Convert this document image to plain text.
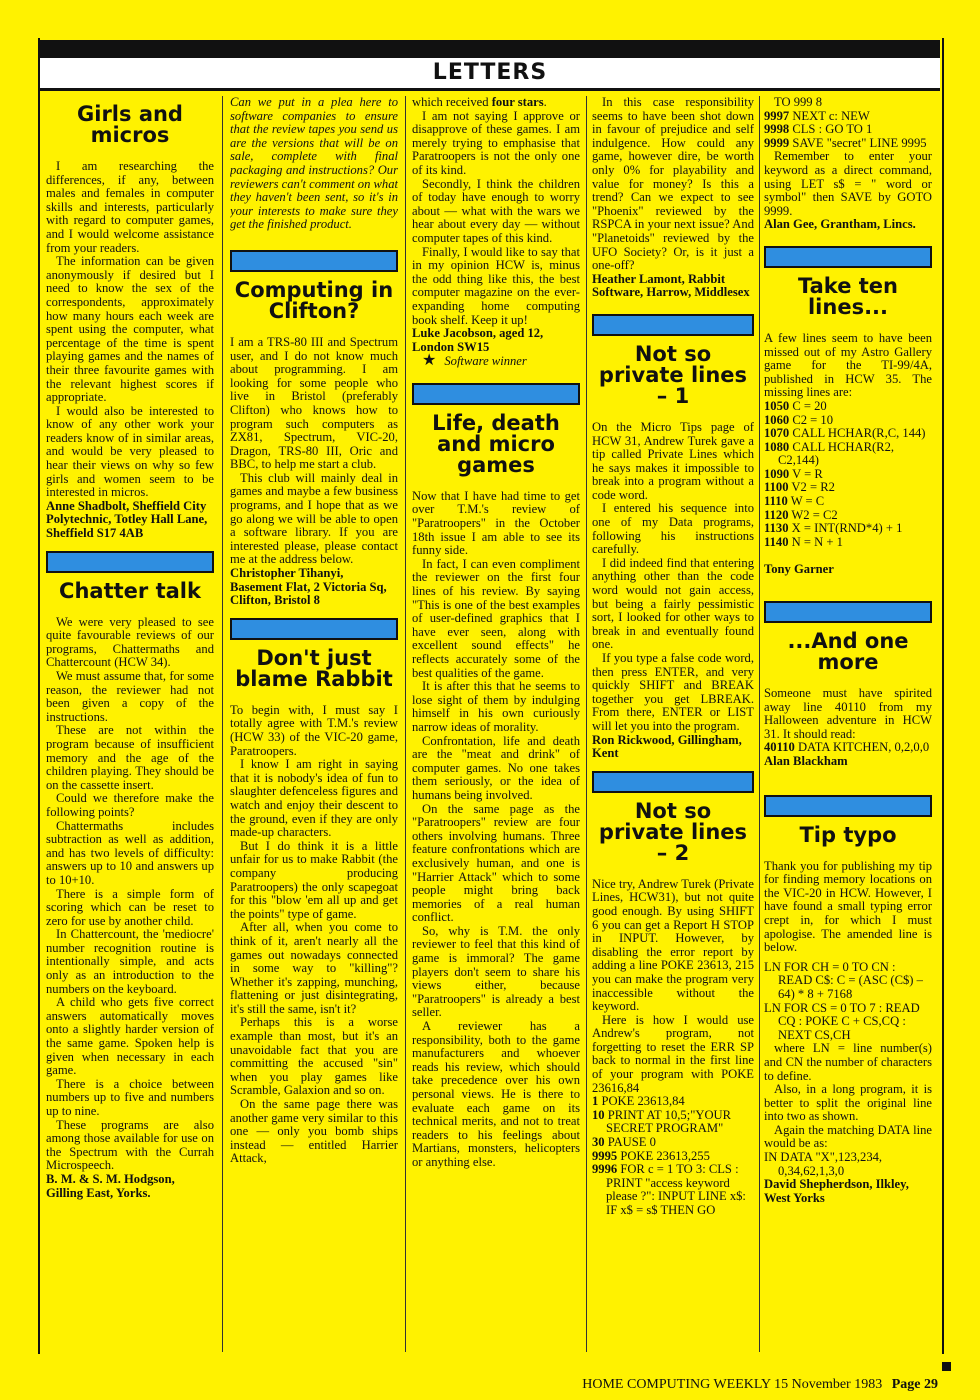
LETTERS
Girls and micros

I am researching the differences, if any, between males and females in computer skills and interests, particularly with regard to computer games, and I would welcome assistance from your readers.

The information can be given anonymously if desired but I need to know the sex of the correspondents, approximately how many hours each week are spent using the computer, what percentage of the time is spent playing games and the names of their three favourite games with the relevant highest scores if appropriate.

I would also be interested to know of any other work your readers know of in similar areas, and would be very pleased to hear their views on why so few girls and women seem to be interested in micros.

Anne Shadbolt, Sheffield City Polytechnic, Totley Hall Lane, Sheffield S17 4AB

Chatter talk

We were very pleased to see quite favourable reviews of our programs, Chattermaths and Chattercount (HCW 34).

We must assume that, for some reason, the reviewer had not been given a copy of the instructions.

These are not within the program because of insufficient memory and the age of the children playing. They should be on the cassette insert.

Could we therefore make the following points?

Chattermaths includes subtraction as well as addition, and has two levels of difficulty: answers up to 10 and answers up to 10+10.

There is a simple form of scoring which can be reset to zero for use by another child.

In Chattercount, the 'mediocre' number recognition routine is intentionally simple, and acts only as an introduction to the numbers on the keyboard.

A child who gets five correct answers automatically moves onto a slightly harder version of the same game. Spoken help is given when necessary in each game.

There is a choice between numbers up to five and numbers up to nine.

These programs are also among those available for use on the Spectrum with the Currah Microspeech.

B. M. & S. M. Hodgson, Gilling East, Yorks.

Can we put in a plea here to software companies to ensure that the review tapes you send us are the versions that will be on sale, complete with final packaging and instructions? Our reviewers can't comment on what they haven't been sent, so it's in your interests to make sure they get the finished product.

Computing in Clifton?

I am a TRS-80 III and Spectrum user, and I do not know much about programming. I am looking for some people who live in Bristol (preferably Clifton) who knows how to program such computers as ZX81, Spectrum, VIC-20, Dragon, TRS-80 III, Oric and BBC, to help me start a club.

This club will mainly deal in games and maybe a few business programs, and I hope that as we go along we will be able to open a software library. If you are interested please, please contact me at the address below.

Christopher Tihanyi, Basement Flat, 2 Victoria Sq, Clifton, Bristol 8

Don't just blame Rabbit

To begin with, I must say I totally agree with T.M.'s review (HCW 33) of the VIC-20 game, Paratroopers.

I know I am right in saying that it is nobody's idea of fun to slaughter defenceless figures and watch and enjoy their descent to the ground, even if they are only made-up characters.

But I do think it is a little unfair for us to make Rabbit (the company producing Paratroopers) the only scapegoat for this "blow 'em all up and get the points" type of game.

After all, when you come to think of it, aren't nearly all the games out nowadays connected in some way to "killing"? Whether it's zapping, munching, flattening or just disintegrating, it's still the same, isn't it?

Perhaps this is a worse example than most, but it's an unavoidable fact that you are committing the accused "sin" when you play games like Scramble, Galaxion and so on.

On the same page there was another game very similar to this one — only you bomb ships instead — entitled Harrier Attack,

which received four stars.

I am not saying I approve or disapprove of these games. I am merely trying to emphasise that Paratroopers is not the only one of its kind.

Secondly, I think the children of today have enough to worry about — what with the wars we hear about every day — without computer tapes of this kind.

Finally, I would like to say that in my opinion HCW is, minus the odd thing like this, the best computer magazine on the ever-expanding home computing book shelf. Keep it up!

Luke Jacobson, aged 12, London SW15

★ Software winner

Life, death and micro games

Now that I have had time to get over T.M.'s review of "Paratroopers" in the October 18th issue I am able to see its funny side.

In fact, I can even compliment the reviewer on the first four lines of his review. By saying "This is one of the best examples of user-defined graphics that I have ever seen, along with excellent sound effects" he reflects accurately some of the best qualities of the game.

It is after this that he seems to lose sight of them by indulging himself in his own curiously narrow ideas of morality.

Confrontation, life and death are the "meat and drink" of computer games. No one takes them seriously, or the idea of humans being involved.

On the same page as the "Paratroopers" review are four others involving humans. Three feature confrontations which are exclusively human, and one is "Harrier Attack" which to some people might bring back memories of a real human conflict.

So, why is T.M. the only reviewer to feel that this kind of game is immoral? The game players don't seem to share his views either, because "Paratroopers" is already a best seller.

A reviewer has a responsibility, both to the game manufacturers and whoever reads his review, which should take precedence over his own personal views. He is there to evaluate each game on its technical merits, and not to treat readers to his feelings about Martians, monsters, helicopters or anything else.

In this case responsibility seems to have been shot down in favour of prejudice and self indulgence. How could any game, however dire, be worth only 0% for playability and value for money? Is this a trend? Can we expect to see "Phoenix" reviewed by the RSPCA in your next issue? And "Planetoids" reviewed by the UFO Society? Or, is it just a one-off?

Heather Lamont, Rabbit Software, Harrow, Middlesex

Not so private lines – 1

On the Micro Tips page of HCW 31, Andrew Turek gave a tip called Private Lines which he says makes it impossible to break into a program without a code word.

I entered his sequence into one of my Data programs, following his instructions carefully.

I did indeed find that entering anything other than the code word would not gain access, but being a fairly pessimistic sort, I looked for other ways to break in and eventually found one.

If you type a false code word, then press ENTER, and very quickly SHIFT and BREAK together you get LBREAK. From there, ENTER or LIST will let you into the program.

Ron Rickwood, Gillingham, Kent

Not so private lines – 2

Nice try, Andrew Turek (Private Lines, HCW31), but not quite good enough. By using SHIFT 6 you can get a Report H STOP in INPUT. However, by disabling the error report by adding a line POKE 23613, 215 you can make the program very inaccessible without the keyword.

Here is how I would use Andrew's program, not forgetting to reset the ERR SP back to normal in the first line of your program with POKE 23616,84

1 POKE 23613,84

10 PRINT AT 10,5;"YOUR SECRET PROGRAM"

30 PAUSE 0

9995 POKE 23613,255

9996 FOR c = 1 TO 3: CLS : PRINT "access keyword please ?": INPUT LINE x$: IF x$ = s$ THEN GO

TO 999 8

9997 NEXT c: NEW

9998 CLS : GO TO 1

9999 SAVE "secret" LINE 9995

Remember to enter your keyword as a direct command, using LET s$ = " word or symbol" then SAVE by GOTO 9999.

Alan Gee, Grantham, Lincs.

Take ten lines...

A few lines seem to have been missed out of my Astro Gallery game for the TI-99/4A, published in HCW 35. The missing lines are:

1050 C = 20

1060 C2 = 10

1070 CALL HCHAR(R,C, 144)

1080 CALL HCHAR(R2, C2,144)

1090 V = R

1100 V2 = R2

1110 W = C

1120 W2 = C2

1130 X = INT(RND*4) + 1

1140 N = N + 1

Tony Garner

...And one more

Someone must have spirited away line 40110 from my Halloween adventure in HCW 31. It should read:

40110 DATA KITCHEN, 0,2,0,0

Alan Blackham

Tip typo

Thank you for publishing my tip for finding memory locations on the VIC-20 in HCW. However, I have found a small typing error crept in, for which I must apologise. The amended line is below.

LN FOR CH = 0 TO CN : READ C$: C = (ASC (C$) – 64) * 8 + 7168

LN FOR CS = 0 TO 7 : READ CQ : POKE C + CS,CQ : NEXT CS,CH

where LN = line number(s) and CN the number of characters to define.

Also, in a long program, it is better to split the original line into two as shown.

Again the matching DATA line would be as:

IN DATA "X",123,234, 0,34,62,1,3,0

David Shepherdson, Ilkley, West Yorks

HOME COMPUTING WEEKLY 15 November 1983 Page 29
